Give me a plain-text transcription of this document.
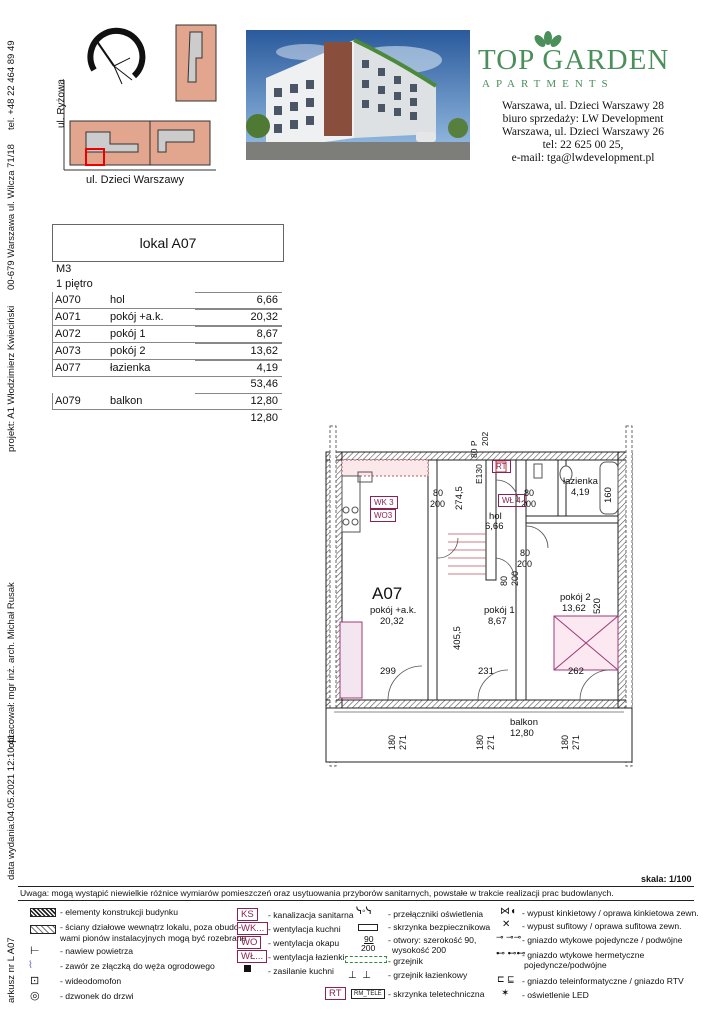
tel. +48 22 464 89 49
00-679 Warszawa ul. Wilcza 71/18
projekt: A1 Włodzimierz Kwieciński
opracował: mgr inż. arch. Michał Rusak
data wydania:04.05.2021 12:10:41
arkusz nr L A07
ul. Ryżowa
ul. Dzieci Warszawy
TOP GARDEN
APARTMENTS
Warszawa, ul. Dzieci Warszawy 28
biuro sprzedaży: LW Development
Warszawa, ul. Dzieci Warszawy 26
tel: 22 625 00 25,
e-mail: tga@lwdevelopment.pl
lokal A07
M3
1 piętro
A070	hol	6,66
A071	pokój +a.k.	20,32
A072	pokój 1	8,67
A073	pokój 2	13,62
A077	łazienka	4,19
53,46
A079	balkon	12,80
12,80
A07
pokój +a.k.
20,32
pokój 1
8,67
pokój 2
13,62
łazienka
4,19
hol
6,66
balkon
12,80
299	231	262
405,5
520
274,5	160
80
200
80
200
80
200
80 200
E130
80 P
202
180 271	180 271	180 271
WK 3
WO3
WŁ 4
RT
skala: 1/100
Uwaga: mogą wystąpić niewielkie różnice wymiarów pomieszczeń oraz usytuowania przyborów sanitarnych, powstałe w trakcie realizacji prac budowlanych.
⊢
⌇
⊡
◎
- elementy konstrukcji budynku
- ściany działowe wewnątrz lokalu, poza obudo-
wami pionów instalacyjnych mogą być rozebrane
- nawiew powietrza
- zawór ze złączką do węża ogrodowego
- wideodomofon
- dzwonek do drzwi
KS
WK...
WO
WŁ...
- kanalizacja sanitarna
- wentylacja kuchni
- wentylacja okapu
- wentylacja łazienki
- zasilanie kuchni
ᓭ◦ᓭ
90
200
⊥  ⊥
RT	RM_TELE
- przełączniki oświetlenia
- skrzynka bezpiecznikowa
- otwory: szerokość 90,
wysokość 200
- grzejnik
- grzejnik łazienkowy
- skrzynka teletechniczna
⋈◖
✕
⊸ ⊸⊸
⊷ ⊷⊷
⊏ ⊑
✶
- wypust kinkietowy / oprawa kinkietowa zewn.
- wypust sufitowy / oprawa sufitowa zewn.
- gniazdo wtykowe pojedyncze / podwójne
- gniazdo wtykowe hermetyczne
pojedyncze/podwójne
- gniazdo teleinformatyczne / gniazdo RTV
- oświetlenie LED
